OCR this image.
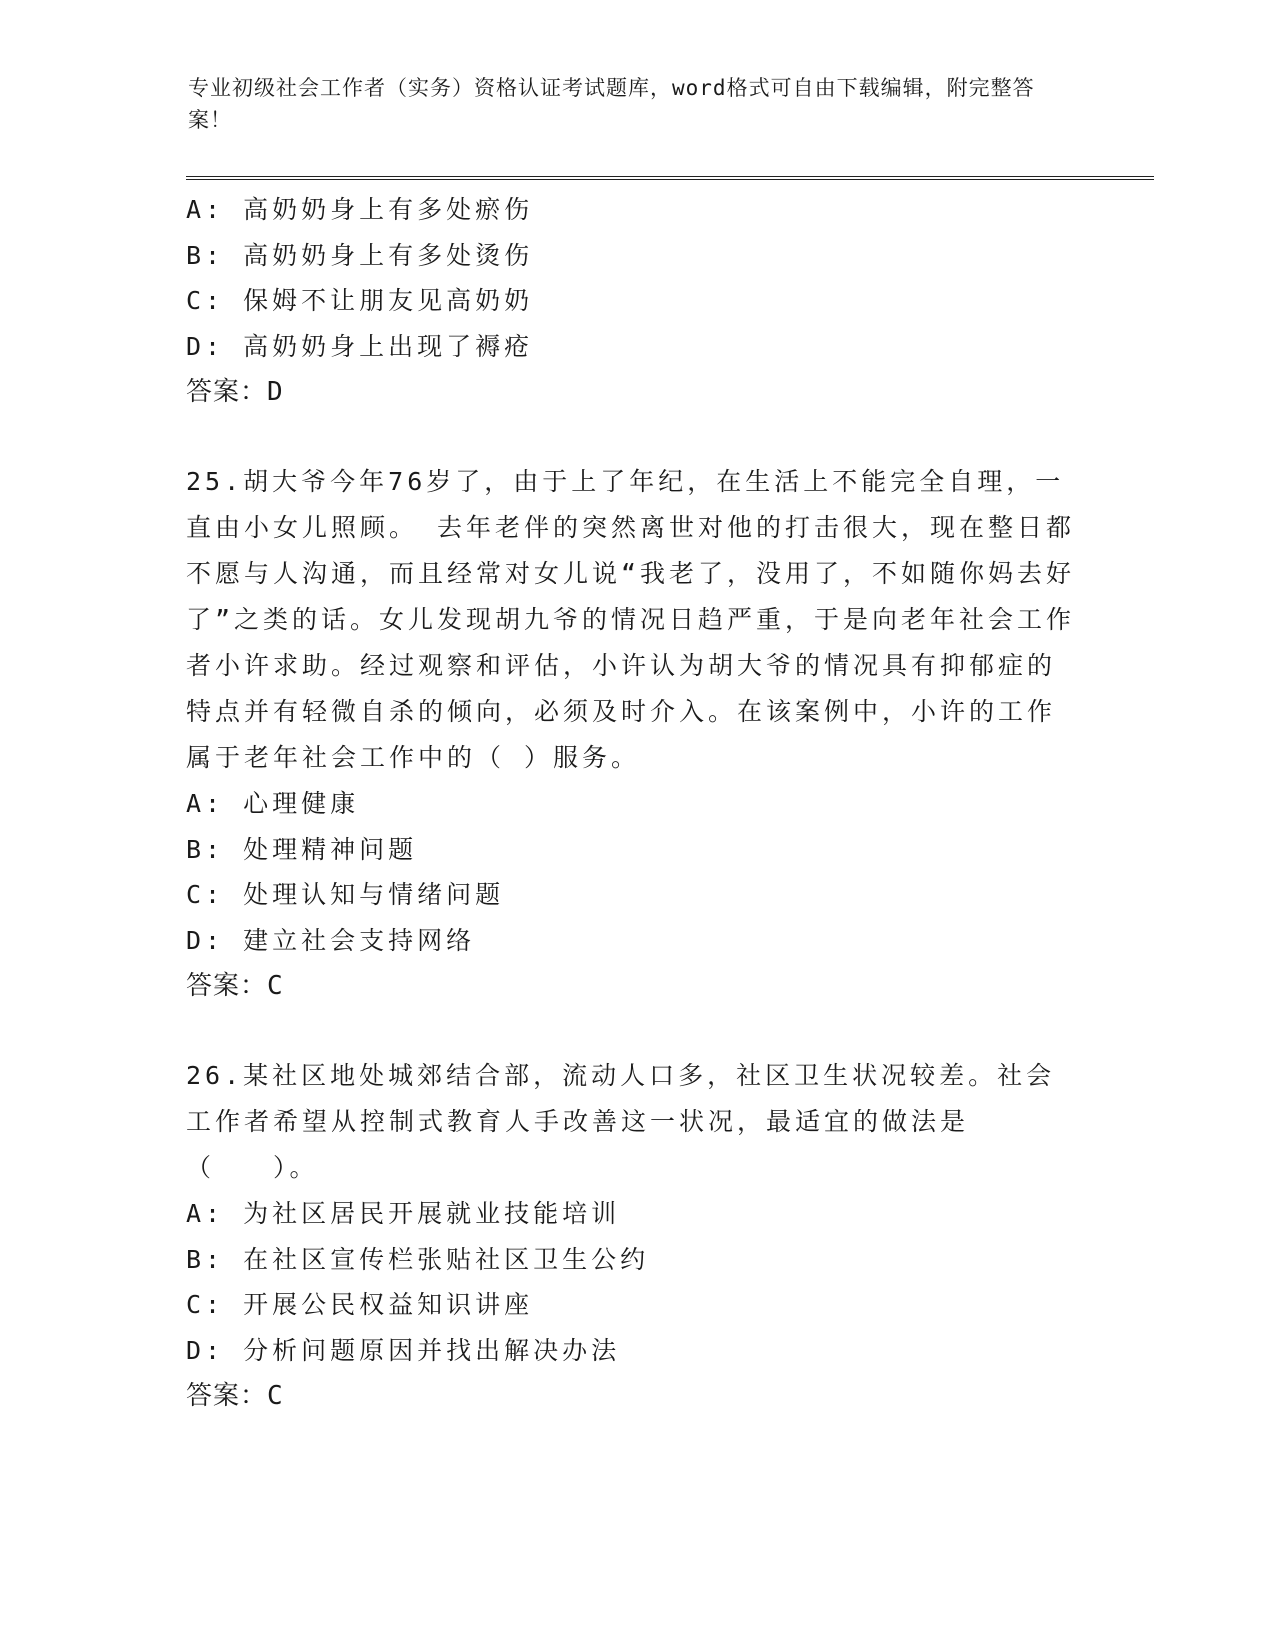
专业初级社会工作者（实务）资格认证考试题库，word格式可自由下载编辑，附完整答案！

A: 高奶奶身上有多处瘀伤

B: 高奶奶身上有多处烫伤

C: 保姆不让朋友见高奶奶

D: 高奶奶身上出现了褥疮

答案：D

25.胡大爷今年76岁了，由于上了年纪，在生活上不能完全自理，一直由小女儿照顾。 去年老伴的突然离世对他的打击很大，现在整日都不愿与人沟通，而且经常对女儿说“我老了，没用了，不如随你妈去好了”之类的话。女儿发现胡九爷的情况日趋严重，于是向老年社会工作者小许求助。经过观察和评估，小许认为胡大爷的情况具有抑郁症的特点并有轻微自杀的倾向，必须及时介入。在该案例中，小许的工作属于老年社会工作中的（ ）服务。

A: 心理健康

B: 处理精神问题

C: 处理认知与情绪问题

D: 建立社会支持网络

答案：C

26.某社区地处城郊结合部，流动人口多，社区卫生状况较差。社会工作者希望从控制式教育人手改善这一状况，最适宜的做法是（　　）。

A: 为社区居民开展就业技能培训

B: 在社区宣传栏张贴社区卫生公约

C: 开展公民权益知识讲座

D: 分析问题原因并找出解决办法

答案：C
